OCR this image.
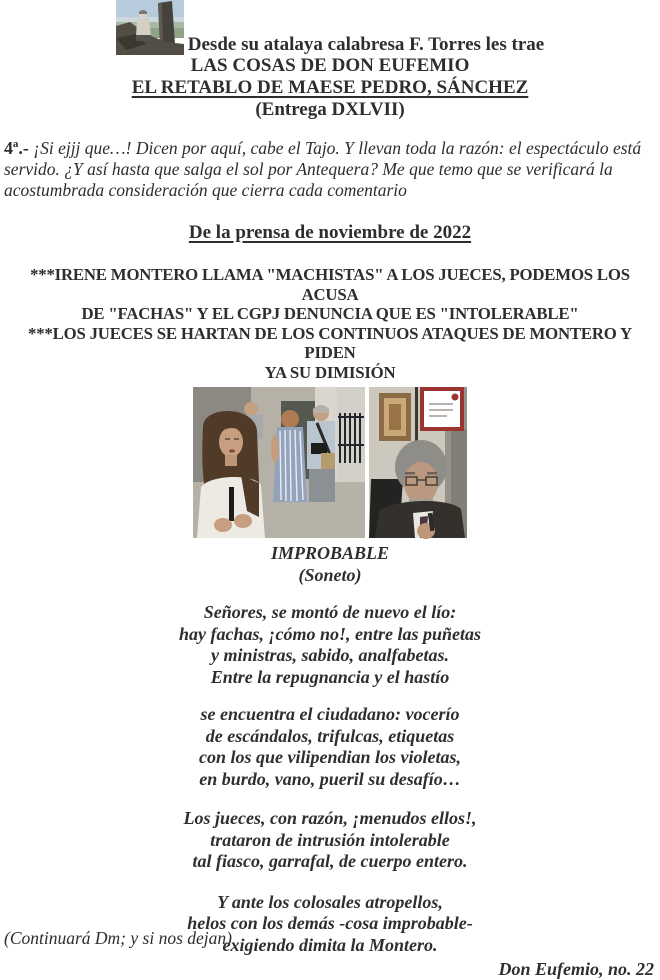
Desde su atalaya calabresa F. Torres les trae
LAS COSAS DE DON EUFEMIO
EL RETABLO DE MAESE PEDRO, SÁNCHEZ
(Entrega DXLVII)

4ª.- ¡Si ejjj que…! Dicen por aquí, cabe el Tajo. Y llevan toda la razón: el espectáculo está servido. ¿Y así hasta que salga el sol por Antequera? Me que temo que se verificará la acostumbrada consideración que cierra cada comentario

De la prensa de noviembre de 2022

***IRENE MONTERO LLAMA "MACHISTAS" A LOS JUECES, PODEMOS LOS ACUSA

DE "FACHAS" Y EL CGPJ DENUNCIA QUE ES "INTOLERABLE"

***LOS JUECES SE HARTAN DE LOS CONTINUOS ATAQUES DE MONTERO Y PIDEN

YA SU DIMISIÓN

IMPROBABLE
(Soneto)
Señores, se montó de nuevo el lío:
hay fachas, ¡cómo no!, entre las puñetas
y ministras, sabido, analfabetas.
Entre la repugnancia y el hastío
se encuentra el ciudadano: vocerío
de escándalos, trifulcas, etiquetas
con los que vilipendian los violetas,
en burdo, vano, pueril su desafío…
Los jueces, con razón, ¡menudos ellos!,
trataron de intrusión intolerable
tal fiasco, garrafal, de cuerpo entero.
Y ante los colosales atropellos,
helos con los demás -cosa improbable-
exigiendo dimita la Montero.
Don Eufemio, no. 22
(Continuará Dm; y si nos dejan)
